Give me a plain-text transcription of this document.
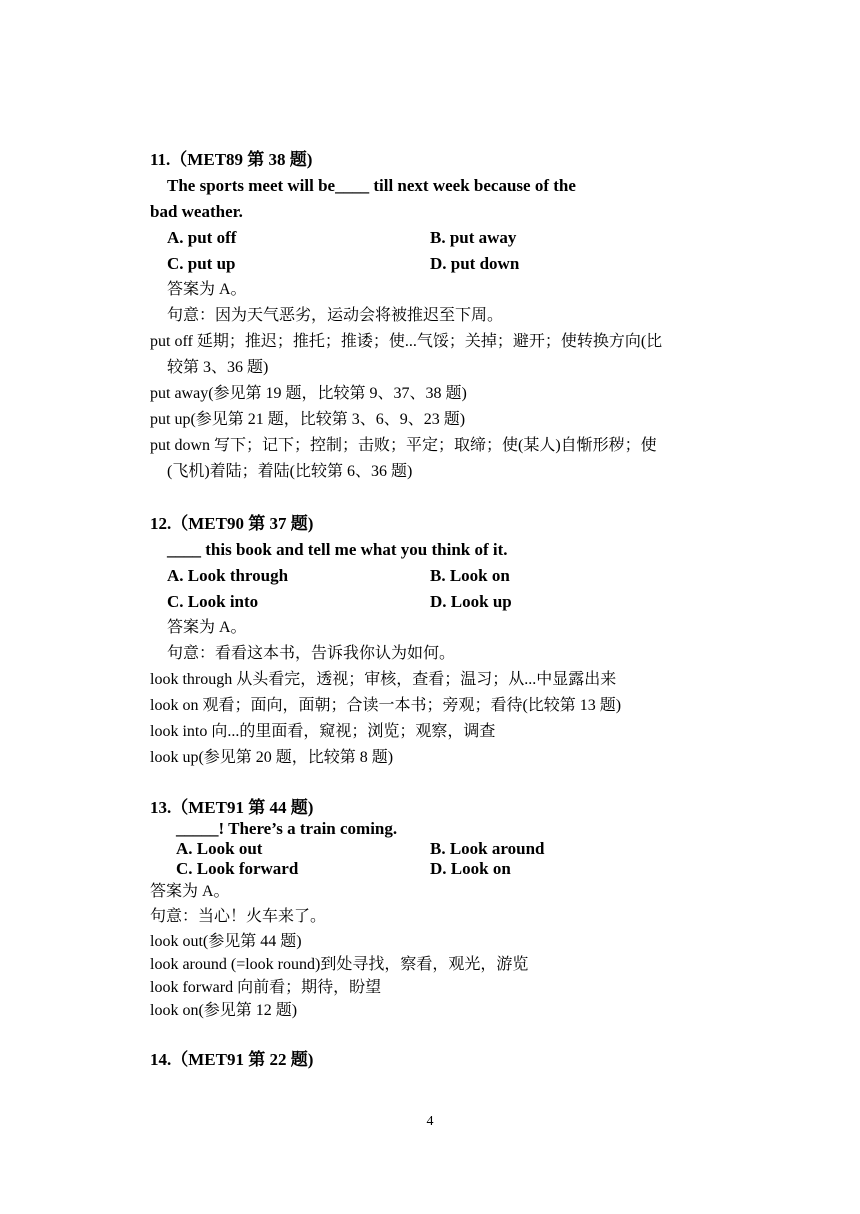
11.（MET89 第 38 题)
The sports meet will be____ till next week because of the
bad weather.
A. put off	B. put away
C. put up	D. put down
答案为 A。
句意：因为天气恶劣，运动会将被推迟至下周。
put off 延期；推迟；推托；推诿；使...气馁；关掉；避开；使转换方向(比
较第 3、36 题)
put away(参见第 19 题，比较第 9、37、38 题)
put up(参见第 21 题，比较第 3、6、9、23 题)
put down 写下；记下；控制；击败；平定；取缔；使(某人)自惭形秽；使
(飞机)着陆；着陆(比较第 6、36 题)
12.（MET90 第 37 题)
____ this book and tell me what you think of it.
A. Look through	B. Look on
C. Look into	D. Look up
答案为 A。
句意：看看这本书，告诉我你认为如何。
look through 从头看完，透视；审核，查看；温习；从...中显露出来
look on 观看；面向，面朝；合读一本书；旁观；看待(比较第 13 题)
look into 向...的里面看，窥视；浏览；观察，调查
look up(参见第 20 题，比较第 8 题)
13.（MET91 第 44 题)
_____! There’s a train coming.
A. Look out	B. Look around
C. Look forward	D. Look on
答案为 A。
句意：当心！火车来了。
look out(参见第 44 题)
look around (=look round)到处寻找，察看，观光，游览
look forward 向前看；期待，盼望
look on(参见第 12 题)
14.（MET91 第 22 题)
4
